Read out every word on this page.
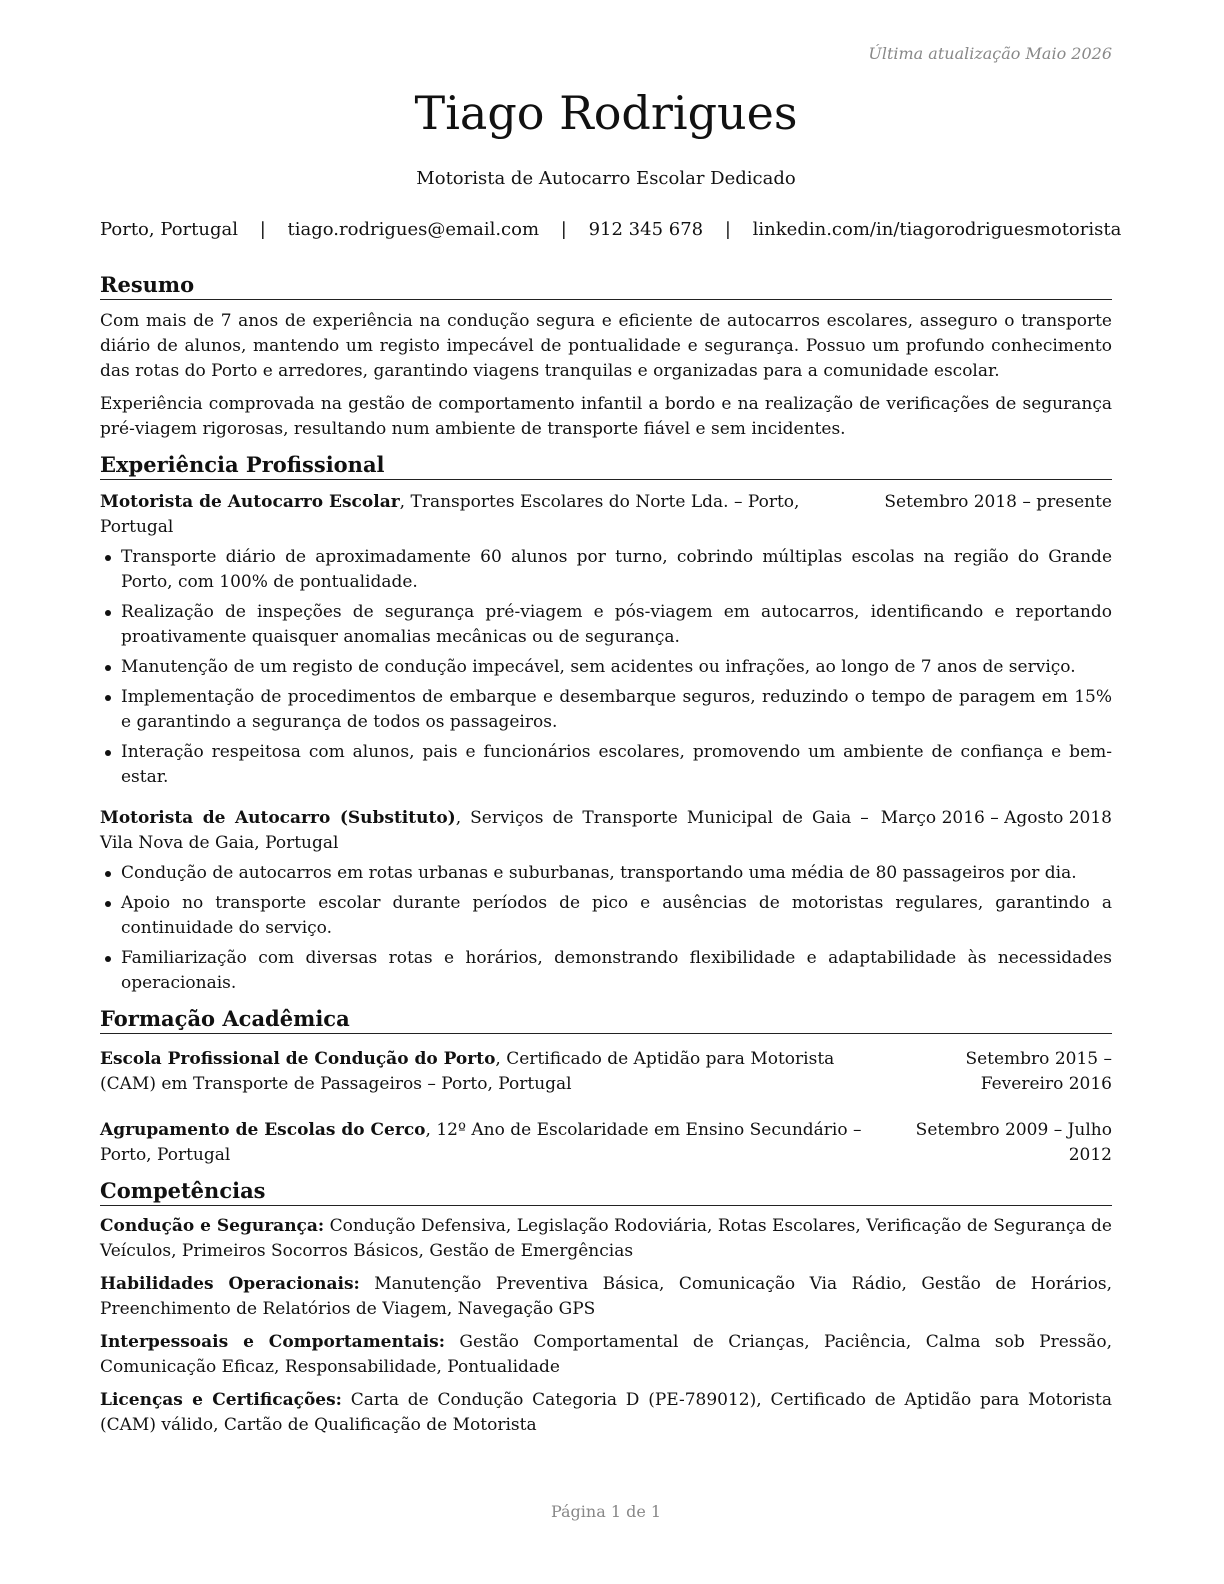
Última atualização Maio 2026
Tiago Rodrigues
Motorista de Autocarro Escolar Dedicado
Porto, Portugal | tiago.rodrigues@email.com | 912 345 678 | linkedin.com/in/tiagorodriguesmotorista
Resumo

Com mais de 7 anos de experiência na condução segura e eficiente de autocarros escolares, asseguro o transporte diário de alunos, mantendo um registo impecável de pontualidade e segurança. Possuo um profundo conhecimento das rotas do Porto e arredores, garantindo viagens tranquilas e organizadas para a comunidade escolar.

Experiência comprovada na gestão de comportamento infantil a bordo e na realização de verificações de segurança pré-viagem rigorosas, resultando num ambiente de transporte fiável e sem incidentes.

Experiência Profissional
Motorista de Autocarro Escolar, Transportes Escolares do Norte Lda. – Porto, Portugal
Setembro 2018 – presente
Transporte diário de aproximadamente 60 alunos por turno, cobrindo múltiplas escolas na região do Grande Porto, com 100% de pontualidade.
Realização de inspeções de segurança pré-viagem e pós-viagem em autocarros, identificando e reportando proativamente quaisquer anomalias mecânicas ou de segurança.
Manutenção de um registo de condução impecável, sem acidentes ou infrações, ao longo de 7 anos de serviço.
Implementação de procedimentos de embarque e desembarque seguros, reduzindo o tempo de paragem em 15% e garantindo a segurança de todos os passageiros.
Interação respeitosa com alunos, pais e funcionários escolares, promovendo um ambiente de confiança e bem-estar.
Motorista de Autocarro (Substituto), Serviços de Transporte Municipal de Gaia – Vila Nova de Gaia, Portugal
Março 2016 – Agosto 2018
Condução de autocarros em rotas urbanas e suburbanas, transportando uma média de 80 passageiros por dia.
Apoio no transporte escolar durante períodos de pico e ausências de motoristas regulares, garantindo a continuidade do serviço.
Familiarização com diversas rotas e horários, demonstrando flexibilidade e adaptabilidade às necessidades operacionais.
Formação Acadêmica
Escola Profissional de Condução do Porto, Certificado de Aptidão para Motorista (CAM) em Transporte de Passageiros – Porto, Portugal
Setembro 2015 – Fevereiro 2016
Agrupamento de Escolas do Cerco, 12º Ano de Escolaridade em Ensino Secundário – Porto, Portugal
Setembro 2009 – Julho 2012
Competências

Condução e Segurança: Condução Defensiva, Legislação Rodoviária, Rotas Escolares, Verificação de Segurança de Veículos, Primeiros Socorros Básicos, Gestão de Emergências

Habilidades Operacionais: Manutenção Preventiva Básica, Comunicação Via Rádio, Gestão de Horários, Preenchimento de Relatórios de Viagem, Navegação GPS

Interpessoais e Comportamentais: Gestão Comportamental de Crianças, Paciência, Calma sob Pressão, Comunicação Eficaz, Responsabilidade, Pontualidade

Licenças e Certificações: Carta de Condução Categoria D (PE-789012), Certificado de Aptidão para Motorista (CAM) válido, Cartão de Qualificação de Motorista

Página 1 de 1
